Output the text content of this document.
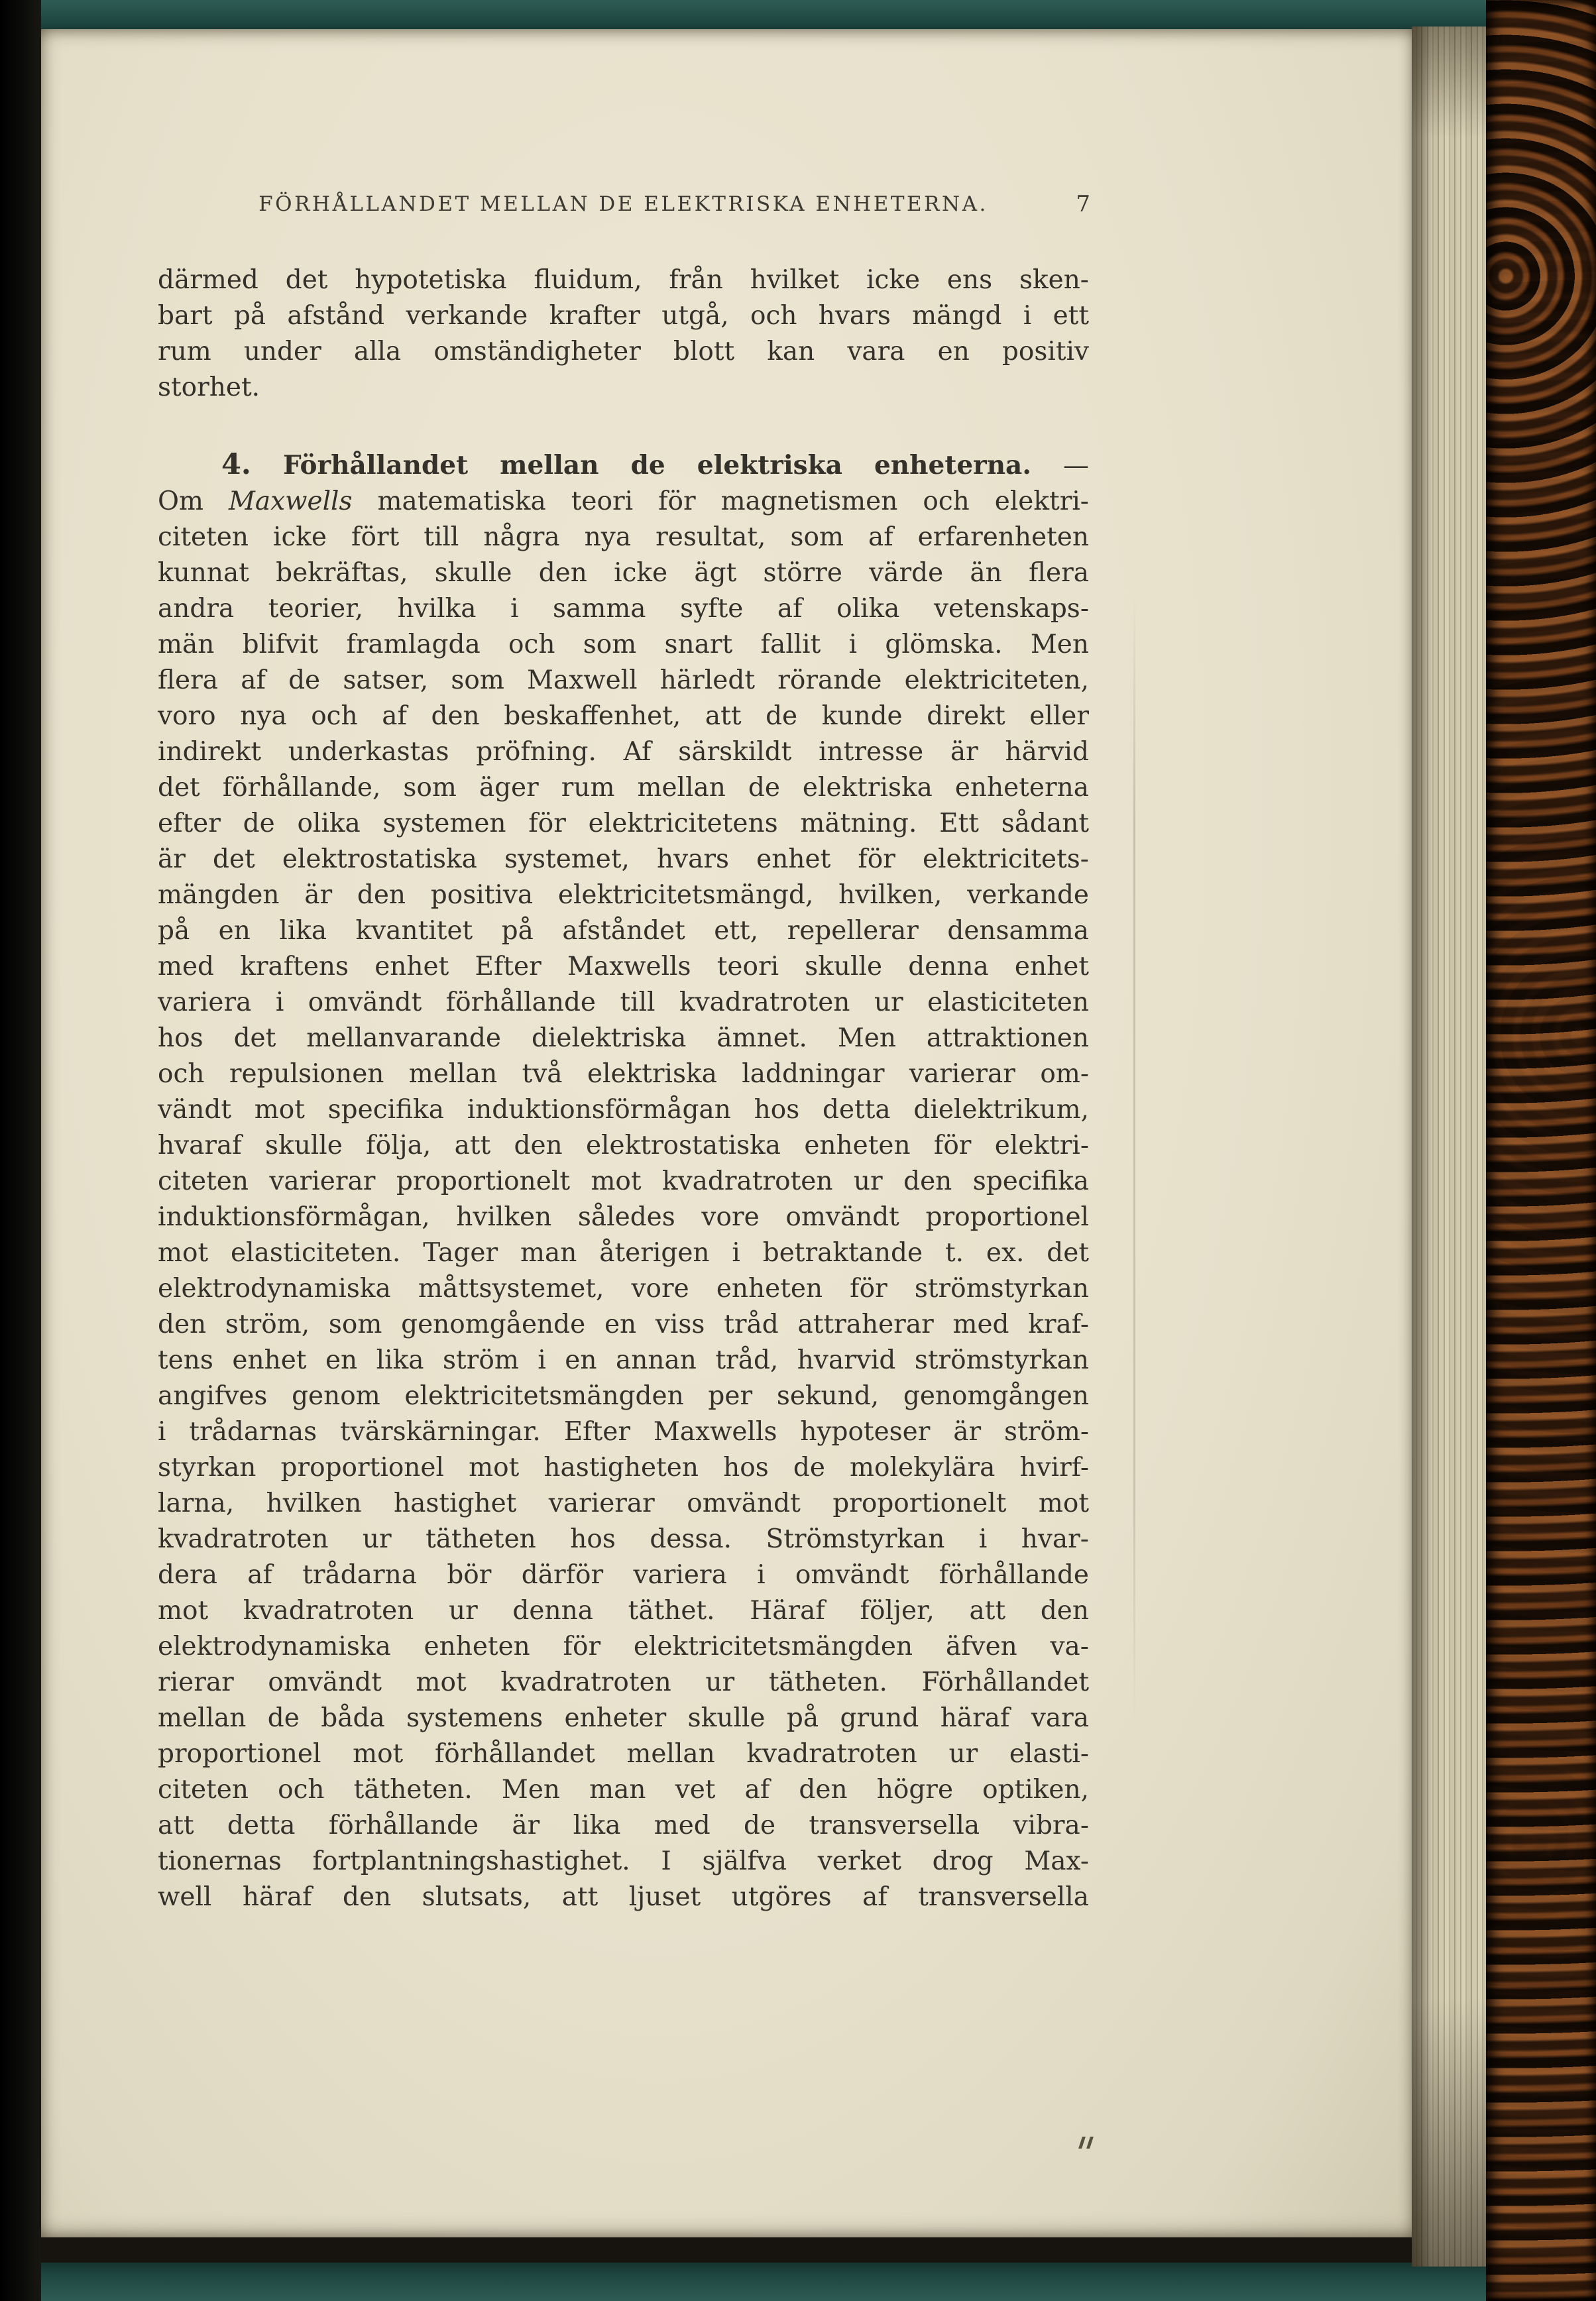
FÖRHÅLLANDET MELLAN DE ELEKTRISKA ENHETERNA.	7
därmed det hypotetiska fluidum, från hvilket icke ens sken-
bart på afstånd verkande krafter utgå, och hvars mängd i ett
rum under alla omständigheter blott kan vara en positiv
storhet.
4. Förhållandet mellan de elektriska enheterna. —
Om Maxwells matematiska teori för magnetismen och elektri-
citeten icke fört till några nya resultat, som af erfarenheten
kunnat bekräftas, skulle den icke ägt större värde än flera
andra teorier, hvilka i samma syfte af olika vetenskaps-
män blifvit framlagda och som snart fallit i glömska. Men
flera af de satser, som Maxwell härledt rörande elektriciteten,
voro nya och af den beskaffenhet, att de kunde direkt eller
indirekt underkastas pröfning. Af särskildt intresse är härvid
det förhållande, som äger rum mellan de elektriska enheterna
efter de olika systemen för elektricitetens mätning. Ett sådant
är det elektrostatiska systemet, hvars enhet för elektricitets-
mängden är den positiva elektricitetsmängd, hvilken, verkande
på en lika kvantitet på afståndet ett, repellerar densamma
med kraftens enhet Efter Maxwells teori skulle denna enhet
variera i omvändt förhållande till kvadratroten ur elasticiteten
hos det mellanvarande dielektriska ämnet. Men attraktionen
och repulsionen mellan två elektriska laddningar varierar om-
vändt mot specifika induktionsförmågan hos detta dielektrikum,
hvaraf skulle följa, att den elektrostatiska enheten för elektri-
citeten varierar proportionelt mot kvadratroten ur den specifika
induktionsförmågan, hvilken således vore omvändt proportionel
mot elasticiteten. Tager man återigen i betraktande t. ex. det
elektrodynamiska måttsystemet, vore enheten för strömstyrkan
den ström, som genomgående en viss tråd attraherar med kraf-
tens enhet en lika ström i en annan tråd, hvarvid strömstyrkan
angifves genom elektricitetsmängden per sekund, genomgången
i trådarnas tvärskärningar. Efter Maxwells hypoteser är ström-
styrkan proportionel mot hastigheten hos de molekylära hvirf-
larna, hvilken hastighet varierar omvändt proportionelt mot
kvadratroten ur tätheten hos dessa. Strömstyrkan i hvar-
dera af trådarna bör därför variera i omvändt förhållande
mot kvadratroten ur denna täthet. Häraf följer, att den
elektrodynamiska enheten för elektricitetsmängden äfven va-
rierar omvändt mot kvadratroten ur tätheten. Förhållandet
mellan de båda systemens enheter skulle på grund häraf vara
proportionel mot förhållandet mellan kvadratroten ur elasti-
citeten och tätheten. Men man vet af den högre optiken,
att detta förhållande är lika med de transversella vibra-
tionernas fortplantningshastighet. I själfva verket drog Max-
well häraf den slutsats, att ljuset utgöres af transversella
